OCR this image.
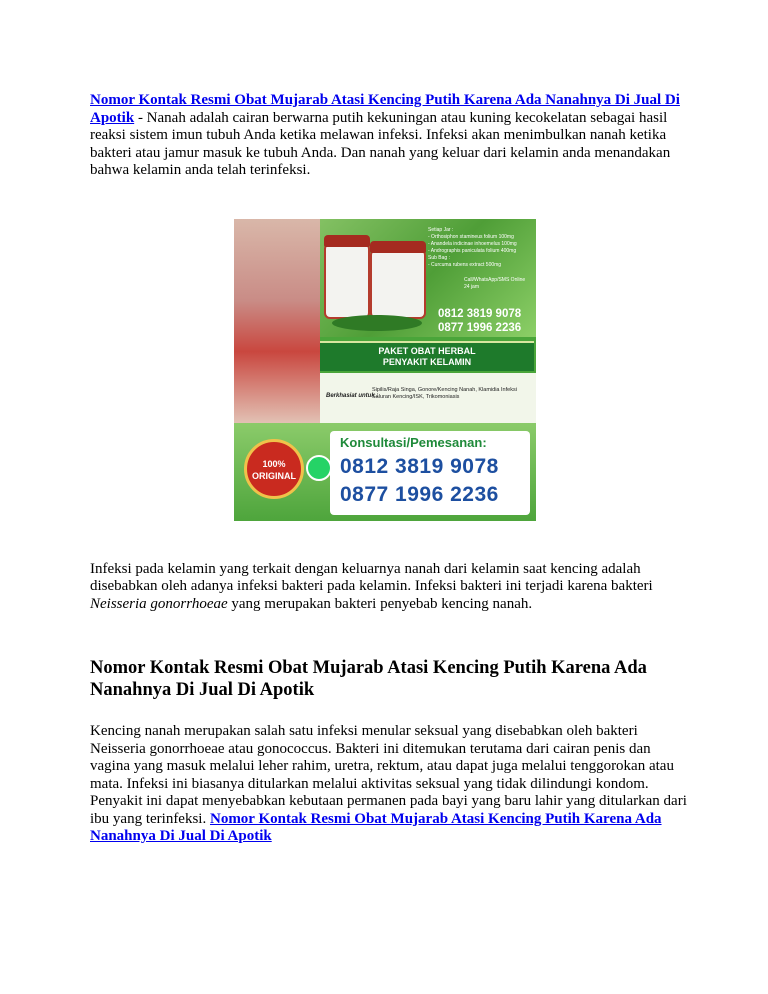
Nomor Kontak Resmi Obat Mujarab Atasi Kencing Putih Karena Ada Nanahnya Di Jual Di Apotik - Nanah adalah cairan berwarna putih kekuningan atau kuning kecokelatan sebagai hasil reaksi sistem imun tubuh Anda ketika melawan infeksi. Infeksi akan menimbulkan nanah ketika bakteri atau jamur masuk ke tubuh Anda. Dan nanah yang keluar dari kelamin anda menandakan bahwa kelamin anda telah terinfeksi.

Setiap Jar :
- Orthosiphon stamineus folium 100mg
- Anandela indicinae inhoemelus 100mg
- Andrographis paniculata folium 400mg
Sub Bag :
- Curcuma rubens extract 500mg
Call/WhatsApp/SMS Online 24 jam
0812 3819 9078
0877 1996 2236
PAKET OBAT HERBAL
PENYAKIT KELAMIN
Berkhasiat untuk :
Sipilis/Raja Singa, Gonore/Kencing Nanah, Klamidia Infeksi Saluran Kencing/ISK, Trikomoniasis
100% ORIGINAL
Konsultasi/Pemesanan:
0812 3819 9078
0877 1996 2236

Infeksi pada kelamin yang terkait dengan keluarnya nanah dari kelamin saat kencing adalah disebabkan oleh adanya infeksi bakteri pada kelamin. Infeksi bakteri ini terjadi karena bakteri Neisseria gonorrhoeae yang merupakan bakteri penyebab kencing nanah.

Nomor Kontak Resmi Obat Mujarab Atasi Kencing Putih Karena Ada Nanahnya Di Jual Di Apotik

Kencing nanah merupakan salah satu infeksi menular seksual yang disebabkan oleh bakteri Neisseria gonorrhoeae atau gonococcus. Bakteri ini ditemukan terutama dari cairan penis dan vagina yang masuk melalui leher rahim, uretra, rektum, atau dapat juga melalui tenggorokan atau mata. Infeksi ini biasanya ditularkan melalui aktivitas seksual yang tidak dilindungi kondom. Penyakit ini dapat menyebabkan kebutaan permanen pada bayi yang baru lahir yang ditularkan dari ibu yang terinfeksi. Nomor Kontak Resmi Obat Mujarab Atasi Kencing Putih Karena Ada Nanahnya Di Jual Di Apotik
